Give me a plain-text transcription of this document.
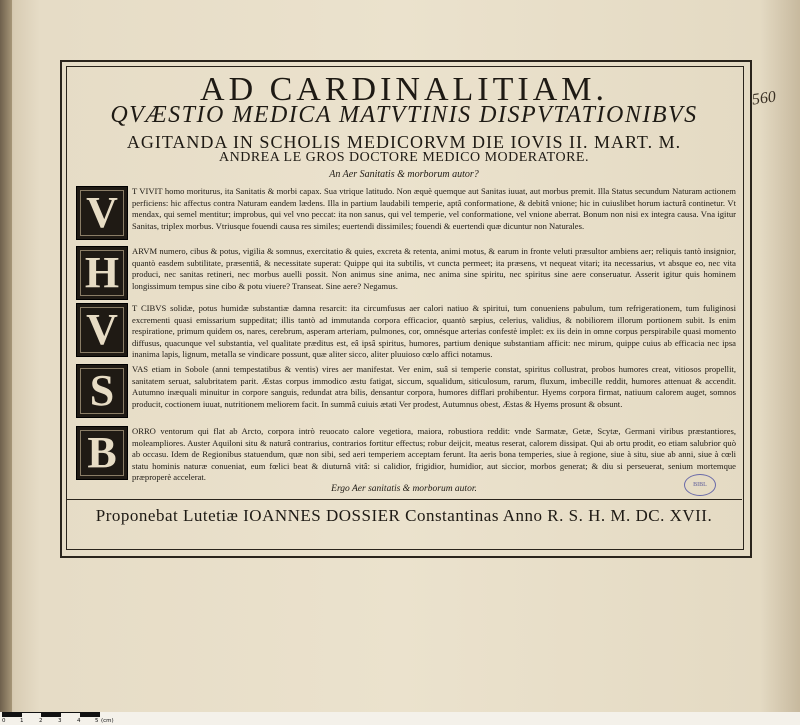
560
AD CARDINALITIAM.
QVÆSTIO MEDICA MATVTINIS DISPVTATIONIBVS
AGITANDA IN SCHOLIS MEDICORVM DIE IOVIS II. MART. M.
ANDREA LE GROS DOCTORE MEDICO MODERATORE.
An Aer Sanitatis & morborum autor?
V	T VIVIT homo moriturus, ita Sanitatis & morbi capax. Sua vtrique latitudo. Non æquè quemque aut Sanitas iuuat, aut morbus premit. Illa Status secundum Naturam actionem perficiens: hic affectus contra Naturam eandem lædens. Illa in partium laudabili temperie, aptâ conformatione, & debitâ vnione; hic in cuiuslibet horum iacturâ continetur. Vt mendax, qui semel mentitur; improbus, qui vel vno peccat: ita non sanus, qui vel temperie, vel conformatione, vel vnione aberrat. Bonum non nisi ex integra causa. Vna igitur Sanitas, triplex morbus. Vtriusque fouendi causa res similes; euertendi dissimiles; fouendi & euertendi quæ dicuntur non Naturales.

H	ARVM numero, cibus & potus, vigilia & somnus, exercitatio & quies, excreta & retenta, animi motus, & earum in fronte veluti præsultor ambiens aer; reliquis tantò insignior, quantò easdem subtilitate, præsentiâ, & necessitate superat: Quippe qui ita subtilis, vt cuncta permeet; ita præsens, vt nequeat vitari; ita necessarius, vt absque eo, nec vita produci, nec sanitas retineri, nec morbus auelli possit. Non animus sine anima, nec anima sine spiritu, nec spiritus sine aere conseruatur. Asserit igitur quis hominem longissimum tempus sine cibo & potu viuere? Transeat. Sine aere? Negamus.

V	T CIBVS solidæ, potus humidæ substantiæ damna resarcit: ita circumfusus aer calori natiuo & spiritui, tum conueniens pabulum, tum refrigerationem, tum fuliginosi excrementi quasi emissarium suppeditat; illis tantò ad immutanda corpora efficacior, quantò sæpius, celerius, validius, & nobiliorem illorum portionem subit. Is enim respiratione, primum quidem os, nares, cerebrum, asperam arteriam, pulmones, cor, omnésque arterias confestè implet: ex iis dein in omne corpus perspirabile quasi momento diffusus, quacunque vel substantia, vel qualitate præditus est, eâ ipsâ spiritus, humores, partium denique substantiam afficit: nec mirum, quippe cuius ab efficacia nec ipsa inanima lapis, lignum, metalla se vindicare possunt, quæ aliter sicco, aliter pluuioso cœlo affici notamus.

S	VAS etiam in Sobole (anni tempestatibus & ventis) vires aer manifestat. Ver enim, suâ si temperie constat, spiritus collustrat, probos humores creat, vitiosos propellit, sanitatem seruat, salubritatem parit. Æstas corpus immodico æstu fatigat, siccum, squalidum, siticulosum, rarum, fluxum, imbecille reddit, humores attenuat & accendit. Autumno inæquali minuitur in corpore sanguis, redundat atra bilis, densantur corpora, humores difflari prohibentur. Hyems corpora firmat, natiuum calorem auget, somnos producit, coctionem iuuat, nutritionem meliorem facit. In summâ cuiuis ætati Ver prodest, Autumnus obest, Æstas & Hyems prosunt & obsunt.

B	ORRO ventorum qui flat ab Arcto, corpora intrò reuocato calore vegetiora, maiora, robustiora reddit: vnde Sarmatæ, Getæ, Scytæ, Germani viribus præstantiores, moleampliores. Auster Aquiloni situ & naturâ contrarius, contrarios fortitur effectus; robur deijcit, meatus reserat, calorem dissipat. Qui ab ortu prodit, eo etiam salubrior quò ab occasu. Idem de Regionibus statuendum, quæ non sibi, sed aeri temperiem acceptam ferunt. Ita aeris bona temperies, siue à regione, siue à situ, siue ab anni, siue à cœli statu hominis naturæ conueniat, eum fœlici beat & diuturnâ vitâ: si calidior, frigidior, humidior, aut siccior, morbos generat; & diu si perseuerat, senium mortemque præproperè accelerat.

Ergo Aer sanitatis & morborum autor.	BIBL
Proponebat Lutetiæ IOANNES DOSSIER Constantinas Anno R. S. H. M. DC. XVII.
0	1	2	3	4	5 (cm)
